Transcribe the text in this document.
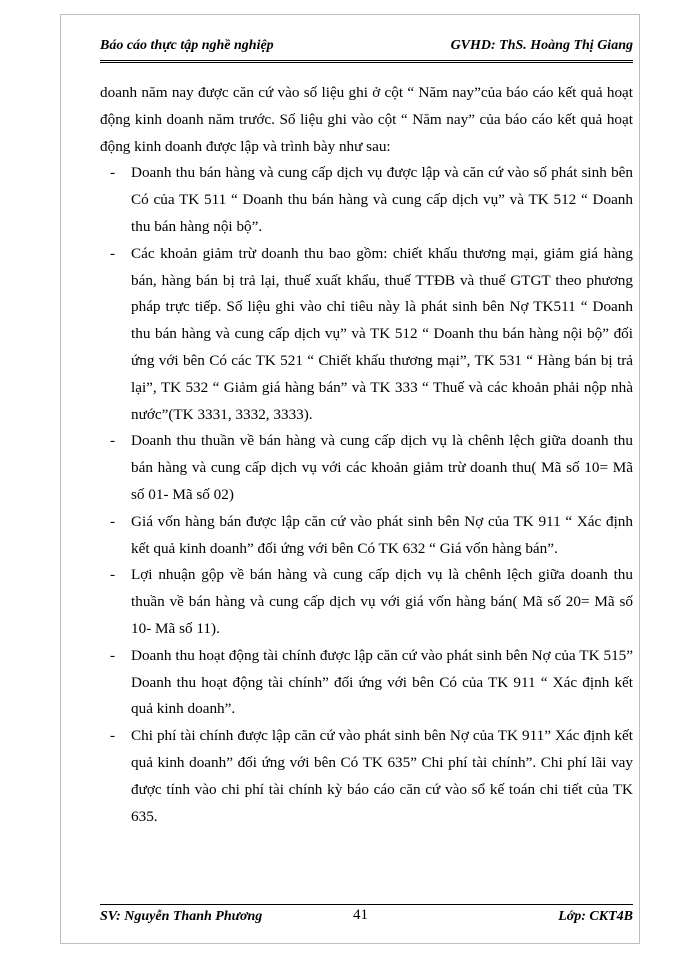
Báo cáo thực tập nghề nghiệp	GVHD: ThS. Hoàng Thị Giang

doanh năm nay được căn cứ vào số liệu ghi ở cột “ Năm nay”của báo cáo kết quả hoạt động kinh doanh năm trước. Số liệu ghi vào cột “ Năm nay” của báo cáo kết quả hoạt động kinh doanh được lập và trình bày như sau:

- Doanh thu bán hàng và cung cấp dịch vụ được lập và căn cứ vào số phát sinh bên Có của TK 511 “ Doanh thu bán hàng và cung cấp dịch vụ” và TK 512 “ Doanh thu bán hàng nội bộ”.
- Các khoản giảm trừ doanh thu bao gồm: chiết khấu thương mại, giảm giá hàng bán, hàng bán bị trả lại, thuế xuất khẩu, thuế TTĐB và thuế GTGT theo phương pháp trực tiếp. Số liệu ghi vào chỉ tiêu này là phát sinh bên Nợ TK511 “ Doanh thu bán hàng và cung cấp dịch vụ” và TK 512 “ Doanh thu bán hàng nội bộ” đối ứng với bên Có các TK 521 “ Chiết khấu thương mại”, TK 531 “ Hàng bán bị trả lại”, TK 532 “ Giảm giá hàng bán” và TK 333 “ Thuế và các khoản phải nộp nhà nước”(TK 3331, 3332, 3333).
- Doanh thu thuần về bán hàng và cung cấp dịch vụ là chênh lệch giữa doanh thu bán hàng và cung cấp dịch vụ với các khoản giảm trừ doanh thu( Mã số 10= Mã số 01- Mã số 02)
- Giá vốn hàng bán được lập căn cứ vào phát sinh bên Nợ của TK 911 “ Xác định kết quả kinh doanh” đối ứng với bên Có TK 632 “ Giá vốn hàng bán”.
- Lợi nhuận gộp về bán hàng và cung cấp dịch vụ là chênh lệch giữa doanh thu thuần về bán hàng và cung cấp dịch vụ với giá vốn hàng bán( Mã số 20= Mã số 10- Mã số 11).
- Doanh thu hoạt động tài chính được lập căn cứ vào phát sinh bên Nợ của TK 515” Doanh thu hoạt động tài chính” đối ứng với bên Có của TK 911 “ Xác định kết quả kinh doanh”.
- Chi phí tài chính được lập căn cứ vào phát sinh bên Nợ của TK 911” Xác định kết quả kinh doanh” đối ứng với bên Có TK 635” Chi phí tài chính”. Chi phí lãi vay được tính vào chi phí tài chính kỳ báo cáo căn cứ vào sổ kế toán chi tiết của TK 635.
SV: Nguyễn Thanh Phương	41	Lớp: CKT4B
